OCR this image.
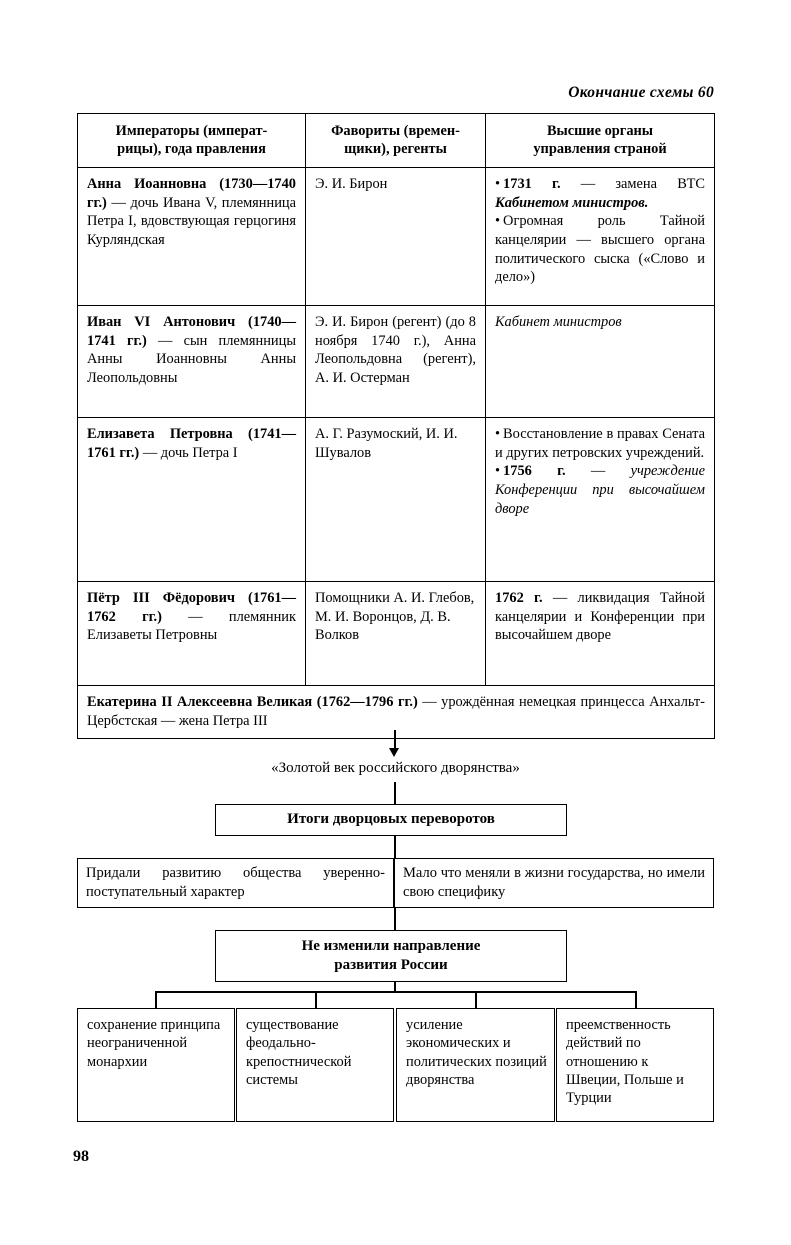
Окончание схемы 60
Императоры (императ-
рицы), года правления	Фавориты (времен-
щики), регенты	Высшие органы
управления страной
Анна Иоанновна (1730—1740 гг.) — дочь Ивана V, племянница Петра I, вдовствующая герцогиня Курляндская	Э. И. Бирон	• 1731 г. — замена ВТС Кабинетом министров.
• Огромная роль Тайной канцелярии — высшего органа политического сыска («Слово и дело»)

Иван VI Антонович (1740—1741 гг.) — сын племянницы Анны Иоанновны Анны Леопольдовны	Э. И. Бирон (регент) (до 8 ноября 1740 г.), Анна Леопольдовна (регент), А. И. Остерман	Кабинет министров
Елизавета Петровна (1741—1761 гг.) — дочь Петра I	А. Г. Разумоский, И. И. Шувалов	• Восстановление в правах Сената и других петровских учреждений.
• 1756 г. — учреждение Конференции при высочайшем дворе

Пётр III Фёдорович (1761—1762 гг.) — племянник Елизаветы Петровны	Помощники А. И. Глебов, М. И. Воронцов, Д. В. Волков	1762 г. — ликвидация Тайной канцелярии и Конференции при высочайшем дворе
Екатерина II Алексеевна Великая (1762—1796 гг.) — урождённая немецкая принцесса Анхальт-Цербстская — жена Петра III		
«Золотой век российского дворянства»
Итоги дворцовых переворотов
Придали развитию общества уверенно-поступательный характер
Мало что меняли в жизни государства, но имели свою специфику
Не изменили направление
развития России
сохранение принципа неограниченной монархии
существование феодально-крепостнической системы
усиление экономических и политических позиций дворянства
преемственность действий по отношению к Швеции, Польше и Турции
98
